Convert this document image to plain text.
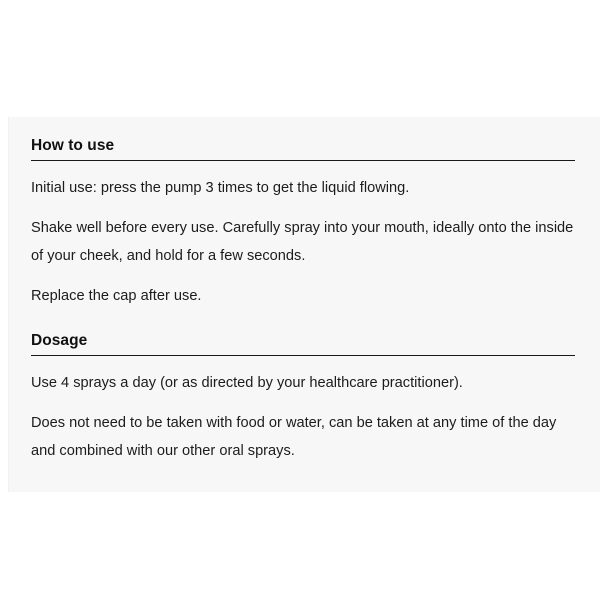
How to use

Initial use: press the pump 3 times to get the liquid flowing.

Shake well before every use. Carefully spray into your mouth, ideally onto the inside of your cheek, and hold for a few seconds.

Replace the cap after use.

Dosage

Use 4 sprays a day (or as directed by your healthcare practitioner).

Does not need to be taken with food or water, can be taken at any time of the day and combined with our other oral sprays.
